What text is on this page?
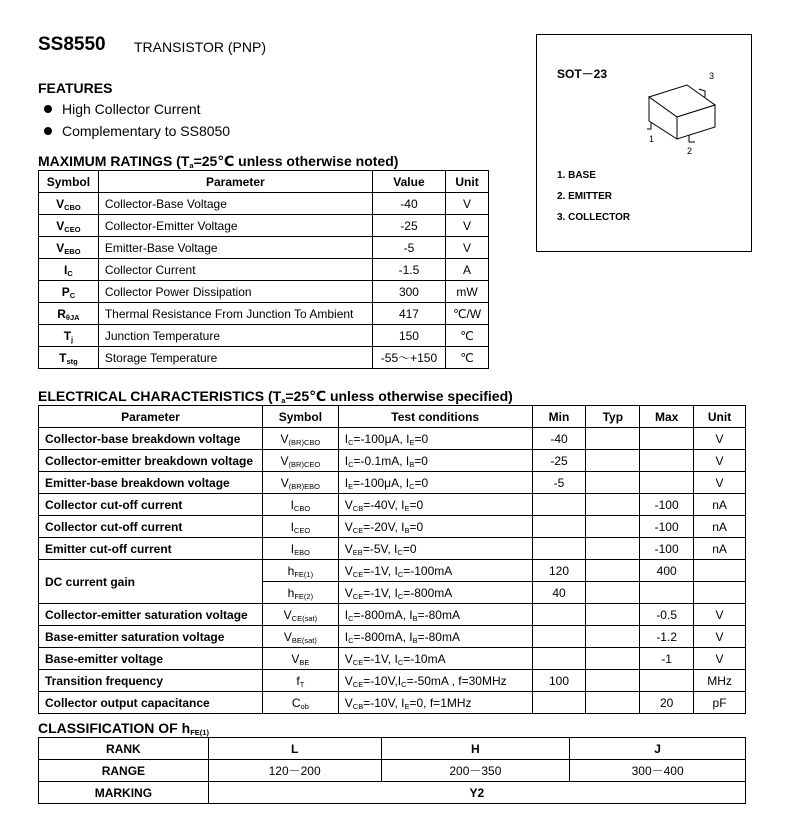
SS8550 TRANSISTOR (PNP)
FEATURES
High Collector Current
Complementary to SS8050
MAXIMUM RATINGS ($T_a=25℃$ unless otherwise noted)
Symbol	Parameter	Value	Unit
$V_{CBO}$	Collector-Base Voltage	-40	V
$V_{CEO}$	Collector-Emitter Voltage	-25	V
$V_{EBO}$	Emitter-Base Voltage	-5	V
$I_C$	Collector Current	-1.5	A
$P_C$	Collector Power Dissipation	300	mW
$R_{\theta JA}$	Thermal Resistance From Junction To Ambient	417	℃/W
$T_j$	Junction Temperature	150	℃
$T_{stg}$	Storage Temperature	-55～+150	℃
SOT－23
1
2
3
1. BASE
2. EMITTER
3. COLLECTOR
ELECTRICAL CHARACTERISTICS ($T_a=25℃$ unless otherwise specified)
Parameter	Symbol	Test conditions	Min	Typ	Max	Unit
Collector-base breakdown voltage	$V_{(BR)CBO}$	$I_C=-100\mu A$, $I_E=0$	-40			V
Collector-emitter breakdown voltage	$V_{(BR)CEO}$	$I_C=-0.1mA$, $I_B=0$	-25			V
Emitter-base breakdown voltage	$V_{(BR)EBO}$	$I_E=-100\mu A$, $I_C=0$	-5			V
Collector cut-off current	$I_{CBO}$	$V_{CB}=-40V$, $I_E=0$			-100	nA
Collector cut-off current	$I_{CEO}$	$V_{CE}=-20V$, $I_B=0$			-100	nA
Emitter cut-off current	$I_{EBO}$	$V_{EB}=-5V$, $I_C=0$			-100	nA
DC current gain	$h_{FE(1)}$	$V_{CE}=-1V$, $I_C=-100mA$	120		400	
	$h_{FE(2)}$	$V_{CE}=-1V$, $I_C=-800mA$	40			
Collector-emitter saturation voltage	$V_{CE(sat)}$	$I_C=-800mA$, $I_B=-80mA$			-0.5	V
Base-emitter saturation voltage	$V_{BE(sat)}$	$I_C=-800mA$, $I_B=-80mA$			-1.2	V
Base-emitter voltage	$V_{BE}$	$V_{CE}=-1V$, $I_C=-10mA$			-1	V
Transition frequency	$f_T$	$V_{CE}=-10V,I_C=-50mA$ , f=30MHz	100			MHz
Collector output capacitance	$C_{ob}$	$V_{CB}=-10V$, $I_E=0$, f=1MHz			20	pF
CLASSIFICATION OF $h_{FE(1)}$
RANK	L	H	J
RANGE	120－200	200－350	300－400
MARKING	Y2		
